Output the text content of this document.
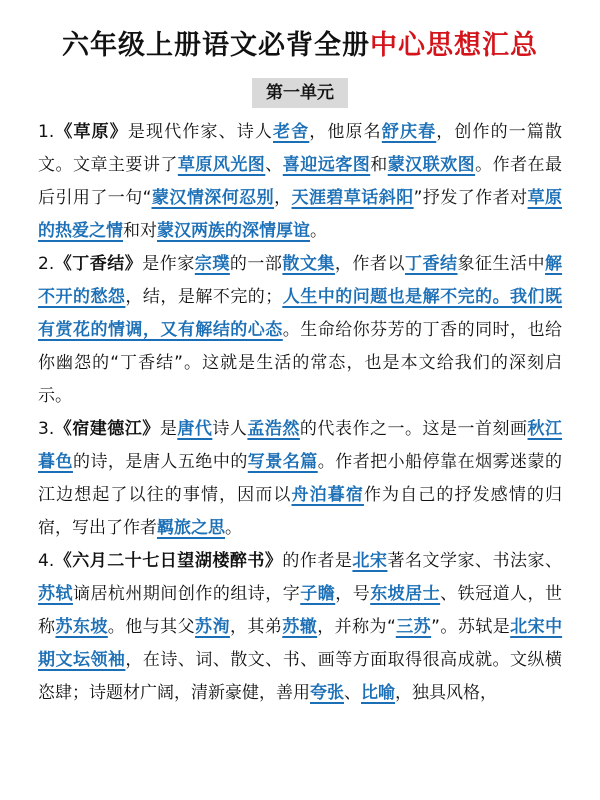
六年级上册语文必背全册中心思想汇总
第一单元

1.《草原》是现代作家、诗人老舍，他原名舒庆春，创作的一篇散文。文章主要讲了草原风光图、喜迎远客图和蒙汉联欢图。作者在最后引用了一句“蒙汉情深何忍别，天涯碧草话斜阳”抒发了作者对草原的热爱之情和对蒙汉两族的深情厚谊。

2.《丁香结》是作家宗璞的一部散文集，作者以丁香结象征生活中解不开的愁怨，结，是解不完的；人生中的问题也是解不完的。我们既有赏花的情调，又有解结的心态。生命给你芬芳的丁香的同时，也给你幽怨的“丁香结”。这就是生活的常态，也是本文给我们的深刻启示。

3.《宿建德江》是唐代诗人孟浩然的代表作之一。这是一首刻画秋江暮色的诗，是唐人五绝中的写景名篇。作者把小船停靠在烟雾迷蒙的江边想起了以往的事情，因而以舟泊暮宿作为自己的抒发感情的归宿，写出了作者羁旅之思。

4.《六月二十七日望湖楼醉书》的作者是北宋著名文学家、书法家、苏轼谪居杭州期间创作的组诗，字子瞻，号东坡居士、铁冠道人，世称苏东坡。他与其父苏洵，其弟苏辙，并称为“三苏”。苏轼是北宋中期文坛领袖，在诗、词、散文、书、画等方面取得很高成就。文纵横恣肆；诗题材广阔，清新豪健，善用夸张、比喻，独具风格，
